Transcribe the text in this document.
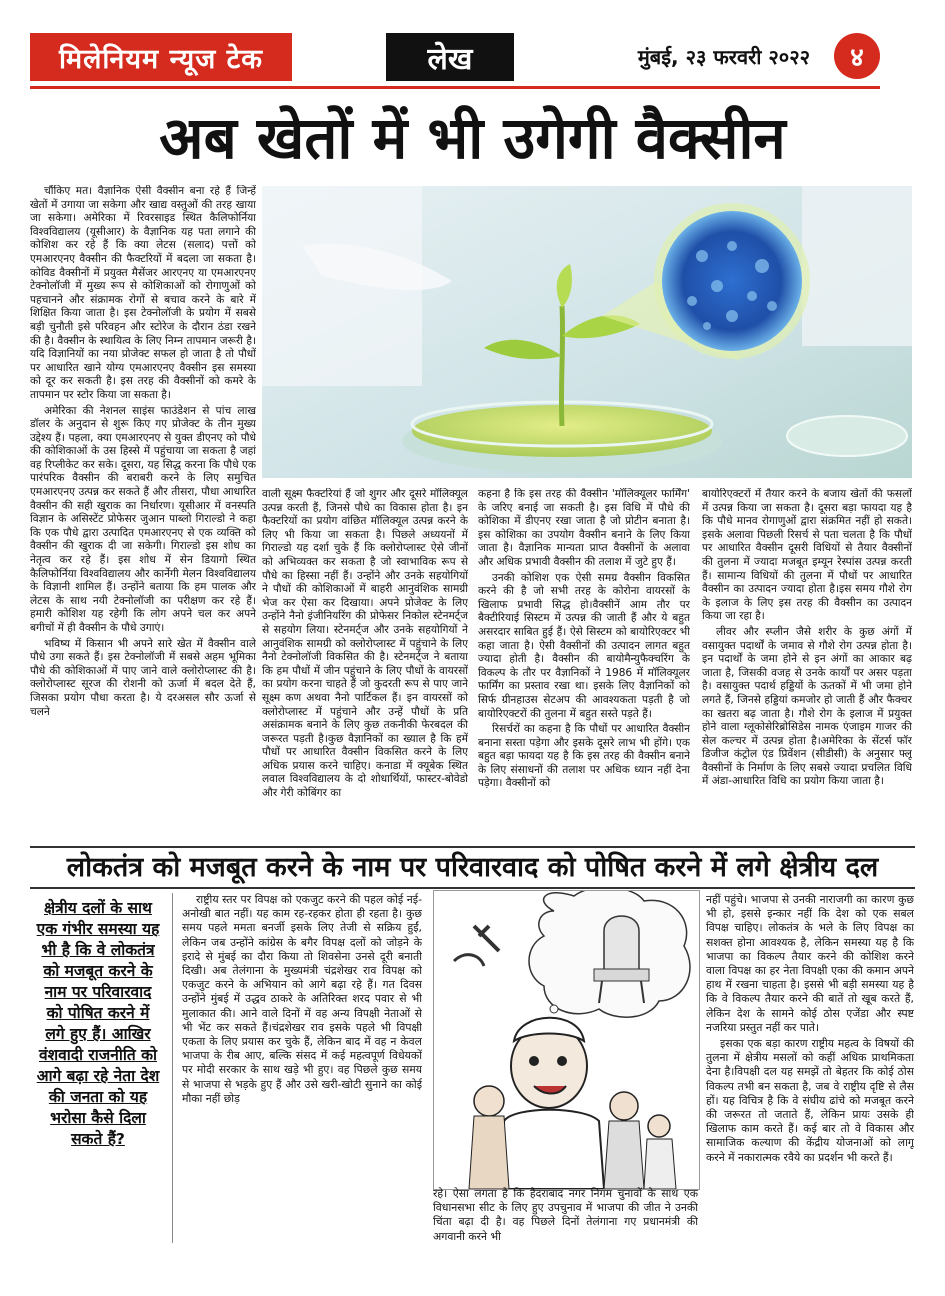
मिलेनियम न्यूज टेक	लेख	मुंबई, २३ फरवरी २०२२	४
अब खेतों में भी उगेगी वैक्सीन

चौंकिए मत। वैज्ञानिक ऐसी वैक्सीन बना रहे हैं जिन्हें खेतों में उगाया जा सकेगा और खाद्य वस्तुओं की तरह खाया जा सकेगा। अमेरिका में रिवरसाइड स्थित कैलिफोर्निया विश्वविद्यालय (यूसीआर) के वैज्ञानिक यह पता लगाने की कोशिश कर रहे हैं कि क्या लेटस (सलाद) पत्तों को एमआरएनए वैक्सीन की फैक्टरियों में बदला जा सकता है। कोविड वैक्सीनों में प्रयुक्त मैसेंजर आरएनए या एमआरएनए टेक्नोलॉजी में मुख्य रूप से कोशिकाओं को रोगाणुओं को पहचानने और संक्रामक रोगों से बचाव करने के बारे में शिक्षित किया जाता है। इस टेक्नोलॉजी के प्रयोग में सबसे बड़ी चुनौती इसे परिवहन और स्टोरेज के दौरान ठंडा रखने की है। वैक्सीन के स्थायित्व के लिए निम्न तापमान जरूरी है। यदि विज्ञानियों का नया प्रोजेक्ट सफल हो जाता है तो पौधों पर आधारित खाने योग्य एमआरएनए वैक्सीन इस समस्या को दूर कर सकती है। इस तरह की वैक्सीनों को कमरे के तापमान पर स्टोर किया जा सकता है।

अमेरिका की नेशनल साइंस फाउंडेशन से पांच लाख डॉलर के अनुदान से शुरू किए गए प्रोजेक्ट के तीन मुख्य उद्देश्य हैं। पहला, क्या एमआरएनए से युक्त डीएनए को पौधे की कोशिकाओं के उस हिस्से में पहुंचाया जा सकता है जहां वह रिप्लीकेट कर सके। दूसरा, यह सिद्ध करना कि पौधे एक पारंपरिक वैक्सीन की बराबरी करने के लिए समुचित एमआरएनए उत्पन्न कर सकते हैं और तीसरा, पौधा आधारित वैक्सीन की सही खुराक का निर्धारण। यूसीआर में वनस्पति विज्ञान के असिस्टेंट प्रोफेसर जुआन पाब्लो गिराल्डो ने कहा कि एक पौधे द्वारा उत्पादित एमआरएनए से एक व्यक्ति को वैक्सीन की खुराक दी जा सकेगी। गिराल्डो इस शोध का नेतृत्व कर रहे हैं। इस शोध में सेन डियागो स्थित कैलिफोर्निया विश्वविद्यालय और कार्नेगी मेलन विश्वविद्यालय के विज्ञानी शामिल हैं। उन्होंने बताया कि हम पालक और लेटस के साथ नयी टेक्नोलॉजी का परीक्षण कर रहे हैं। हमारी कोशिश यह रहेगी कि लोग अपने चल कर अपने बगीचों में ही वैक्सीन के पौधे उगाएं।

भविष्य में किसान भी अपने सारे खेत में वैक्सीन वाले पौधे उगा सकते हैं। इस टेक्नोलॉजी में सबसे अहम भूमिका पौधे की कोशिकाओं में पाए जाने वाले क्लोरोप्लास्ट की है। क्लोरोप्लास्ट सूरज की रोशनी को ऊर्जा में बदल देते हैं, जिसका प्रयोग पौधा करता है। ये दरअसल सौर ऊर्जा से चलने

वाली सूक्ष्म फैक्टरियां हैं जो शुगर और दूसरे मॉलिक्यूल उत्पन्न करती हैं, जिनसे पौधे का विकास होता है। इन फैक्टरियों का प्रयोग वांछित मॉलिक्यूल उत्पन्न करने के लिए भी किया जा सकता है। पिछले अध्ययनों में गिराल्डो यह दर्शा चुके हैं कि क्लोरोप्लास्ट ऐसे जीनों को अभिव्यक्त कर सकता है जो स्वाभाविक रूप से पौधे का हिस्सा नहीं हैं। उन्होंने और उनके सहयोगियों ने पौधों की कोशिकाओं में बाहरी आनुवंशिक सामग्री भेज कर ऐसा कर दिखाया। अपने प्रोजेक्ट के लिए उन्होंने नैनो इंजीनियरिंग की प्रोफेसर निकोल स्टेनमर्ट्ज से सहयोग लिया। स्टेनमर्ट्ज और उनके सहयोगियों ने आनुवंशिक सामग्री को क्लोरोप्लास्ट में पहुंचाने के लिए नैनो टेक्नोलॉजी विकसित की है। स्टेनमर्ट्ज ने बताया कि हम पौधों में जीन पहुंचाने के लिए पौधों के वायरसों का प्रयोग करना चाहते हैं जो कुदरती रूप से पाए जाने सूक्ष्म कण अथवा नैनो पार्टिकल हैं। इन वायरसों को क्लोरोप्लास्ट में पहुंचाने और उन्हें पौधों के प्रति असंक्रामक बनाने के लिए कुछ तकनीकी फेरबदल की जरूरत पड़ती है।कुछ वैज्ञानिकों का ख्याल है कि हमें पौधों पर आधारित वैक्सीन विकसित करने के लिए अधिक प्रयास करने चाहिए। कनाडा में क्यूबेक स्थित लवाल विश्वविद्यालय के दो शोधार्थियों, फास्टर-बोवेडो और गेरी कोबिंगर का

कहना है कि इस तरह की वैक्सीन 'मॉलिक्यूलर फार्मिंग' के जरिए बनाई जा सकती है। इस विधि में पौधे की कोशिका में डीएनए रखा जाता है जो प्रोटीन बनाता है। इस कोशिका का उपयोग वैक्सीन बनाने के लिए किया जाता है। वैज्ञानिक मान्यता प्राप्त वैक्सीनों के अलावा और अधिक प्रभावी वैक्सीन की तलाश में जुटे हुए हैं।

उनकी कोशिश एक ऐसी समग्र वैक्सीन विकसित करने की है जो सभी तरह के कोरोना वायरसों के खिलाफ प्रभावी सिद्ध हो।वैक्सीनें आम तौर पर बैक्टीरियाई सिस्टम में उत्पन्न की जाती हैं और ये बहुत असरदार साबित हुई हैं। ऐसे सिस्टम को बायोरिएक्टर भी कहा जाता है। ऐसी वैक्सीनों की उत्पादन लागत बहुत ज्यादा होती है। वैक्सीन की बायोमैन्युफैक्चरिंग के विकल्प के तौर पर वैज्ञानिकों ने 1986 में मॉलिक्यूलर फार्मिंग का प्रस्ताव रखा था। इसके लिए वैज्ञानिकों को सिर्फ ग्रीनहाउस सेटअप की आवश्यकता पड़ती है जो बायोरिएक्टरों की तुलना में बहुत सस्ते पड़ते हैं।

रिसर्चरों का कहना है कि पौधों पर आधारित वैक्सीन बनाना सस्ता पड़ेगा और इसके दूसरे लाभ भी होंगे। एक बहुत बड़ा फायदा यह है कि इस तरह की वैक्सीन बनाने के लिए संसाधनों की तलाश पर अधिक ध्यान नहीं देना पड़ेगा। वैक्सीनों को

बायोरिएक्टरों में तैयार करने के बजाय खेतों की फसलों में उत्पन्न किया जा सकता है। दूसरा बड़ा फायदा यह है कि पौधे मानव रोगाणुओं द्वारा संक्रमित नहीं हो सकते। इसके अलावा पिछली रिसर्च से पता चलता है कि पौधों पर आधारित वैक्सीन दूसरी विधियों से तैयार वैक्सीनों की तुलना में ज्यादा मजबूत इम्यून रेस्पांस उत्पन्न करती हैं। सामान्य विधियों की तुलना में पौधों पर आधारित वैक्सीन का उत्पादन ज्यादा होता है।इस समय गौशे रोग के इलाज के लिए इस तरह की वैक्सीन का उत्पादन किया जा रहा है।

लीवर और स्प्लीन जैसे शरीर के कुछ अंगों में वसायुक्त पदार्थों के जमाव से गौशे रोग उत्पन्न होता है। इन पदार्थों के जमा होने से इन अंगों का आकार बढ़ जाता है, जिसकी वजह से उनके कार्यों पर असर पड़ता है। वसायुक्त पदार्थ हड्डियों के ऊतकों में भी जमा होने लगते हैं, जिनसे हड्डियां कमजोर हो जाती हैं और फैक्चर का खतरा बढ़ जाता है। गौशे रोग के इलाज में प्रयुक्त होने वाला ग्लूकोसेरिब्रोसिडेस नामक एंजाइम गाजर की सेल कल्चर में उत्पन्न होता है।अमेरिका के सेंटर्स फॉर डिजीज कंट्रोल एंड प्रिवेंशन (सीडीसी) के अनुसार फ्लू वैक्सीनों के निर्माण के लिए सबसे ज्यादा प्रचलित विधि में अंडा-आधारित विधि का प्रयोग किया जाता है।

लोकतंत्र को मजबूत करने के नाम पर परिवारवाद को पोषित करने में लगे क्षेत्रीय दल
क्षेत्रीय दलों के साथ एक गंभीर समस्या यह भी है कि वे लोकतंत्र को मजबूत करने के नाम पर परिवारवाद को पोषित करने में लगे हुए हैं। आखिर वंशवादी राजनीति को आगे बढ़ा रहे नेता देश की जनता को यह भरोसा कैसे दिला सकते हैं?

राष्ट्रीय स्तर पर विपक्ष को एकजुट करने की पहल कोई नई-अनोखी बात नहीं। यह काम रह-रहकर होता ही रहता है। कुछ समय पहले ममता बनर्जी इसके लिए तेजी से सक्रिय हुईं, लेकिन जब उन्होंने कांग्रेस के बगैर विपक्ष दलों को जोड़ने के इरादे से मुंबई का दौरा किया तो शिवसेना उनसे दूरी बनाती दिखी। अब तेलंगाना के मुख्यमंत्री चंद्रशेखर राव विपक्ष को एकजुट करने के अभियान को आगे बढ़ा रहे हैं। गत दिवस उन्होंने मुंबई में उद्धव ठाकरे के अतिरिक्त शरद पवार से भी मुलाकात की। आने वाले दिनों में वह अन्य विपक्षी नेताओं से भी भेंट कर सकते हैं।चंद्रशेखर राव इसके पहले भी विपक्षी एकता के लिए प्रयास कर चुके हैं, लेकिन बाद में वह न केवल भाजपा के रीब आए, बल्कि संसद में कई महत्वपूर्ण विधेयकों पर मोदी सरकार के साथ खड़े भी हुए। वह पिछले कुछ समय से भाजपा से भड़के हुए हैं और उसे खरी-खोटी सुनाने का कोई मौका नहीं छोड़

रहे। ऐसा लगता है कि हैदराबाद नगर निगम चुनावों के साथ एक विधानसभा सीट के लिए हुए उपचुनाव में भाजपा की जीत ने उनकी चिंता बढ़ा दी है। वह पिछले दिनों तेलंगाना गए प्रधानमंत्री की अगवानी करने भी

नहीं पहुंचे। भाजपा से उनकी नाराजगी का कारण कुछ भी हो, इससे इन्कार नहीं कि देश को एक सबल विपक्ष चाहिए। लोकतंत्र के भले के लिए विपक्ष का सशक्त होना आवश्यक है, लेकिन समस्या यह है कि भाजपा का विकल्प तैयार करने की कोशिश करने वाला विपक्ष का हर नेता विपक्षी एका की कमान अपने हाथ में रखना चाहता है। इससे भी बड़ी समस्या यह है कि वे विकल्प तैयार करने की बातें तो खूब करते हैं, लेकिन देश के सामने कोई ठोस एजेंडा और स्पष्ट नजरिया प्रस्तुत नहीं कर पाते।

इसका एक बड़ा कारण राष्ट्रीय महत्व के विषयों की तुलना में क्षेत्रीय मसलों को कहीं अधिक प्राथमिकता देना है।विपक्षी दल यह समझें तो बेहतर कि कोई ठोस विकल्प तभी बन सकता है, जब वे राष्ट्रीय दृष्टि से लैस हों। यह विचित्र है कि वे संघीय ढांचे को मजबूत करने की जरूरत तो जताते हैं, लेकिन प्रायः उसके ही खिलाफ काम करते हैं। कई बार तो वे विकास और सामाजिक कल्याण की केंद्रीय योजनाओं को लागू करने में नकारात्मक रवैये का प्रदर्शन भी करते हैं।
